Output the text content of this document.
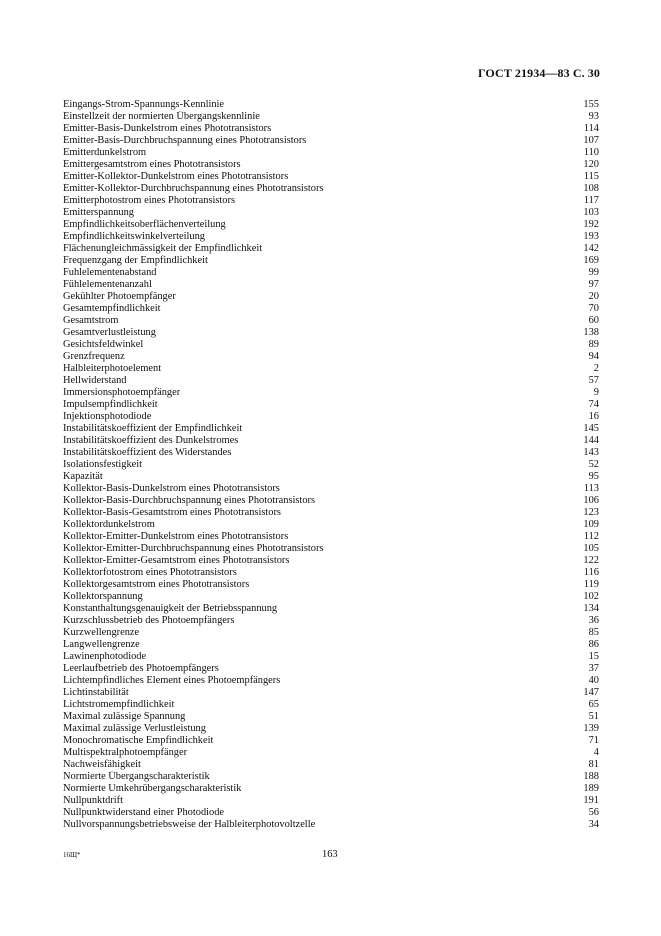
ГОСТ 21934—83 С. 30
Eingangs-Strom-Spannungs-Kennlinie	155
Einstellzeit der normierten Übergangskennlinie	93
Emitter-Basis-Dunkelstrom eines Phototransistors	114
Emitter-Basis-Durchbruchspannung eines Phototransistors	107
Emitterdunkelstrom	110
Emittergesamtstrom eines Phototransistors	120
Emitter-Kollektor-Dunkelstrom eines Phototransistors	115
Emitter-Kollektor-Durchbruchspannung eines Phototransistors	108
Emitterphotostrom eines Phototransistors	117
Emitterspannung	103
Empfindlichkeitsoberflächenverteilung	192
Empfindlichkeitswinkelverteilung	193
Flächenungleichmässigkeit der Empfindlichkeit	142
Frequenzgang der Empfindlichkeit	169
Fuhlelementenabstand	99
Fühlelementenanzahl	97
Gekühlter Photoempfänger	20
Gesamtempfindlichkeit	70
Gesamtstrom	60
Gesamtverlustleistung	138
Gesichtsfeldwinkel	89
Grenzfrequenz	94
Halbleiterphotoelement	2
Hellwiderstand	57
Immersionsphotoempfänger	9
Impulsempfindlichkeit	74
Injektionsphotodiode	16
Instabilitätskoeffizient der Empfindlichkeit	145
Instabilitätskoeffizient des Dunkelstromes	144
Instabilitätskoeffizient des Widerstandes	143
Isolationsfestigkeit	52
Kapazität	95
Kollektor-Basis-Dunkelstrom eines Phototransistors	113
Kollektor-Basis-Durchbruchspannung eines Phototransistors	106
Kollektor-Basis-Gesamtstrom eines Phototransistors	123
Kollektordunkelstrom	109
Kollektor-Emitter-Dunkelstrom eines Phototransistors	112
Kollektor-Emitter-Durchbruchspannung eines Phototransistors	105
Kollektor-Emitter-Gesamtstrom eines Phototransistors	122
Kollektorfotostrom eines Phototransistors	116
Kollektorgesamtstrom eines Phototransistors	119
Kollektorspannung	102
Konstanthaltungsgenauigkeit der Betriebsspannung	134
Kurzschlussbetrieb des Photoempfängers	36
Kurzwellengrenze	85
Langwellengrenze	86
Lawinenphotodiode	15
Leerlaufbetrieb des Photoempfängers	37
Lichtempfindliches Element eines Photoempfängers	40
Lichtinstabilität	147
Lichtstromempfindlichkeit	65
Maximal zulässige Spannung	51
Maximal zulässige Verlustleistung	139
Monochromatische Empfindlichkeit	71
Multispektralphotoempfänger	4
Nachweisfähigkeit	81
Normierte Übergangscharakteristik	188
Normierte Umkehrübergangscharakteristik	189
Nullpunktdrift	191
Nullpunktwiderstand einer Photodiode	56
Nullvorspannungsbetriebsweise der Halbleiterphotovoltzelle	34
16Щ*	163
